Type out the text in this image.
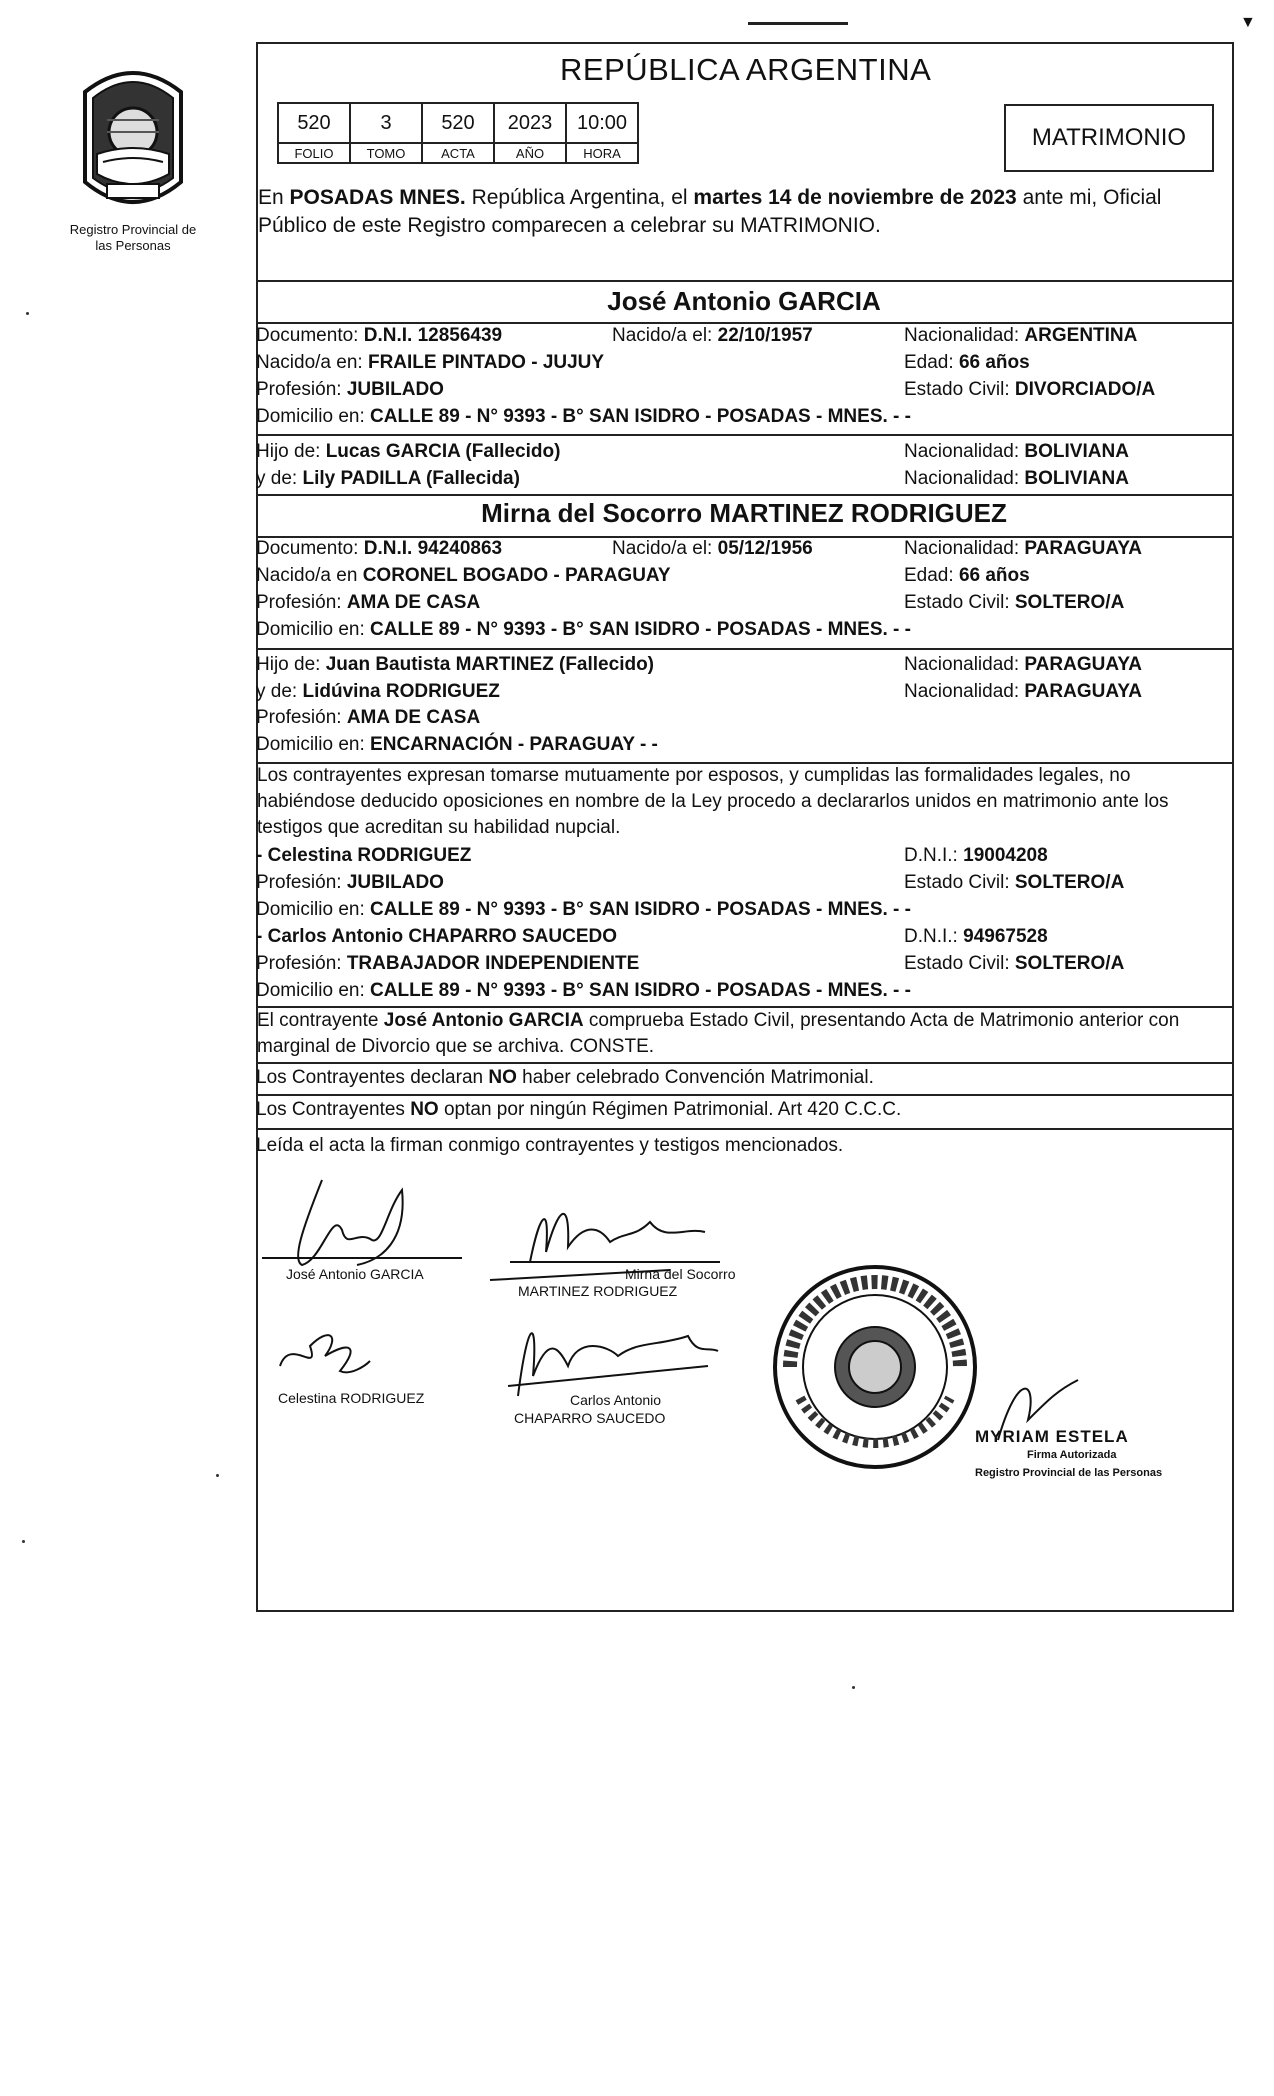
▼
Registro Provincial de las Personas
REPÚBLICA ARGENTINA
520	3	520	2023	10:00
FOLIO	TOMO	ACTA	AÑO	HORA
MATRIMONIO
En POSADAS MNES. República Argentina, el martes 14 de noviembre de 2023 ante mi, Oficial Público de este Registro comparecen a celebrar su MATRIMONIO.
José Antonio GARCIA
Documento: D.N.I. 12856439	Nacido/a el: 22/10/1957	Nacionalidad: ARGENTINA
Nacido/a en: FRAILE PINTADO - JUJUY	Edad: 66 años
Profesión: JUBILADO	Estado Civil: DIVORCIADO/A
Domicilio en: CALLE 89 - N° 9393 - B° SAN ISIDRO - POSADAS - MNES. - -
Hijo de: Lucas GARCIA (Fallecido)	Nacionalidad: BOLIVIANA
y de: Lily PADILLA (Fallecida)	Nacionalidad: BOLIVIANA
Mirna del Socorro MARTINEZ RODRIGUEZ
Documento: D.N.I. 94240863	Nacido/a el: 05/12/1956	Nacionalidad: PARAGUAYA
Nacido/a en CORONEL BOGADO - PARAGUAY	Edad: 66 años
Profesión: AMA DE CASA	Estado Civil: SOLTERO/A
Domicilio en: CALLE 89 - N° 9393 - B° SAN ISIDRO - POSADAS - MNES. - -
Hijo de: Juan Bautista MARTINEZ (Fallecido)	Nacionalidad: PARAGUAYA
y de: Lidúvina RODRIGUEZ	Nacionalidad: PARAGUAYA
Profesión: AMA DE CASA
Domicilio en: ENCARNACIÓN - PARAGUAY - -
Los contrayentes expresan tomarse mutuamente por esposos, y cumplidas las formalidades legales, no habiéndose deducido oposiciones en nombre de la Ley procedo a declararlos unidos en matrimonio ante los testigos que acreditan su habilidad nupcial.
- Celestina RODRIGUEZ	D.N.I.: 19004208
Profesión: JUBILADO	Estado Civil: SOLTERO/A
Domicilio en: CALLE 89 - N° 9393 - B° SAN ISIDRO - POSADAS - MNES. - -
- Carlos Antonio CHAPARRO SAUCEDO	D.N.I.: 94967528
Profesión: TRABAJADOR INDEPENDIENTE	Estado Civil: SOLTERO/A
Domicilio en: CALLE 89 - N° 9393 - B° SAN ISIDRO - POSADAS - MNES. - -
El contrayente José Antonio GARCIA comprueba Estado Civil, presentando Acta de Matrimonio anterior con marginal de Divorcio que se archiva. CONSTE.
Los Contrayentes declaran NO haber celebrado Convención Matrimonial.
Los Contrayentes NO optan por ningún Régimen Patrimonial. Art 420 C.C.C.
Leída el acta la firman conmigo contrayentes y testigos mencionados.
José Antonio GARCIA	Mirna del Socorro
MARTINEZ RODRIGUEZ
Celestina RODRIGUEZ	Carlos Antonio
CHAPARRO SAUCEDO
MYRIAM ESTELA
Firma Autorizada
Registro Provincial de las Personas
